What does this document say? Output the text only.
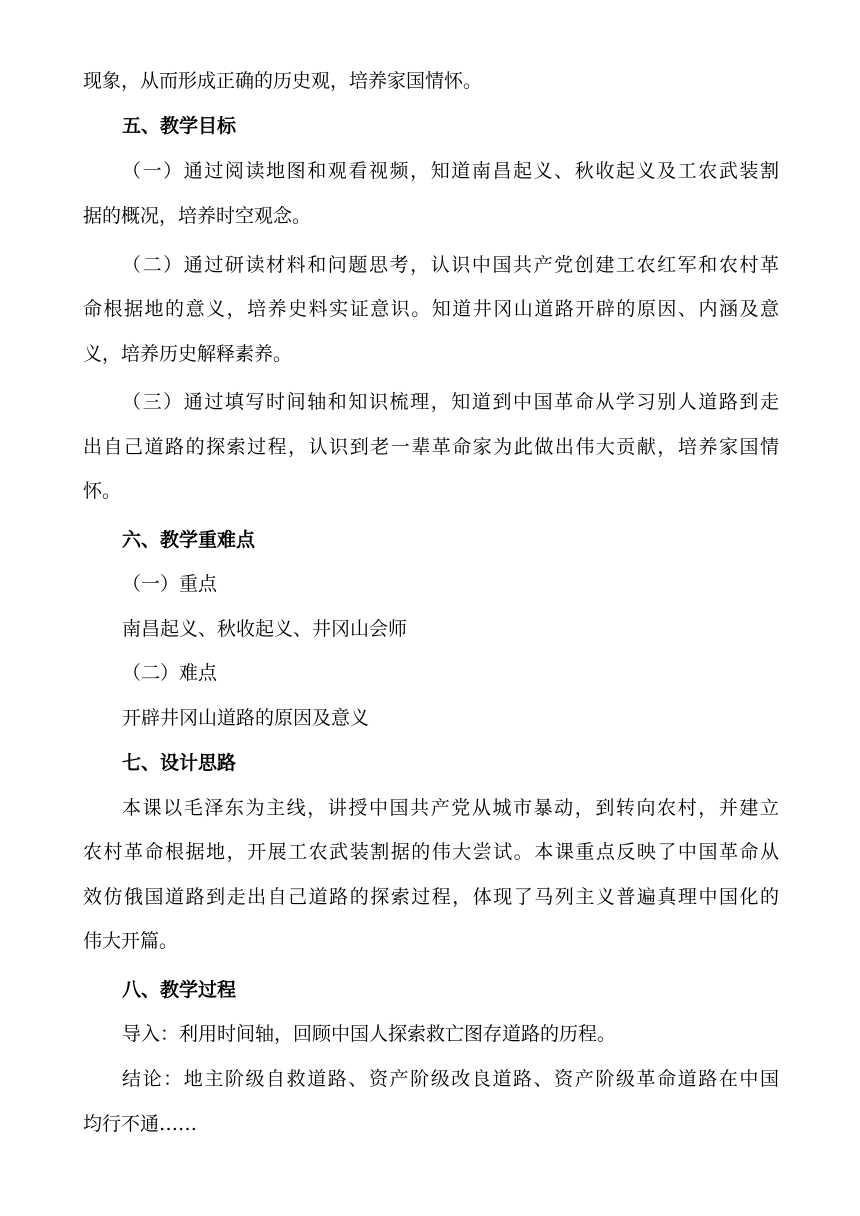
现象，从而形成正确的历史观，培养家国情怀。
五、教学目标
（一）通过阅读地图和观看视频，知道南昌起义、秋收起义及工农武装割
据的概况，培养时空观念。
（二）通过研读材料和问题思考，认识中国共产党创建工农红军和农村革
命根据地的意义，培养史料实证意识。知道井冈山道路开辟的原因、内涵及意
义，培养历史解释素养。
（三）通过填写时间轴和知识梳理，知道到中国革命从学习别人道路到走
出自己道路的探索过程，认识到老一辈革命家为此做出伟大贡献，培养家国情
怀。
六、教学重难点
（一）重点
南昌起义、秋收起义、井冈山会师
（二）难点
开辟井冈山道路的原因及意义
七、设计思路
本课以毛泽东为主线，讲授中国共产党从城市暴动，到转向农村，并建立
农村革命根据地，开展工农武装割据的伟大尝试。本课重点反映了中国革命从
效仿俄国道路到走出自己道路的探索过程，体现了马列主义普遍真理中国化的
伟大开篇。
八、教学过程
导入：利用时间轴，回顾中国人探索救亡图存道路的历程。
结论：地主阶级自救道路、资产阶级改良道路、资产阶级革命道路在中国
均行不通……
